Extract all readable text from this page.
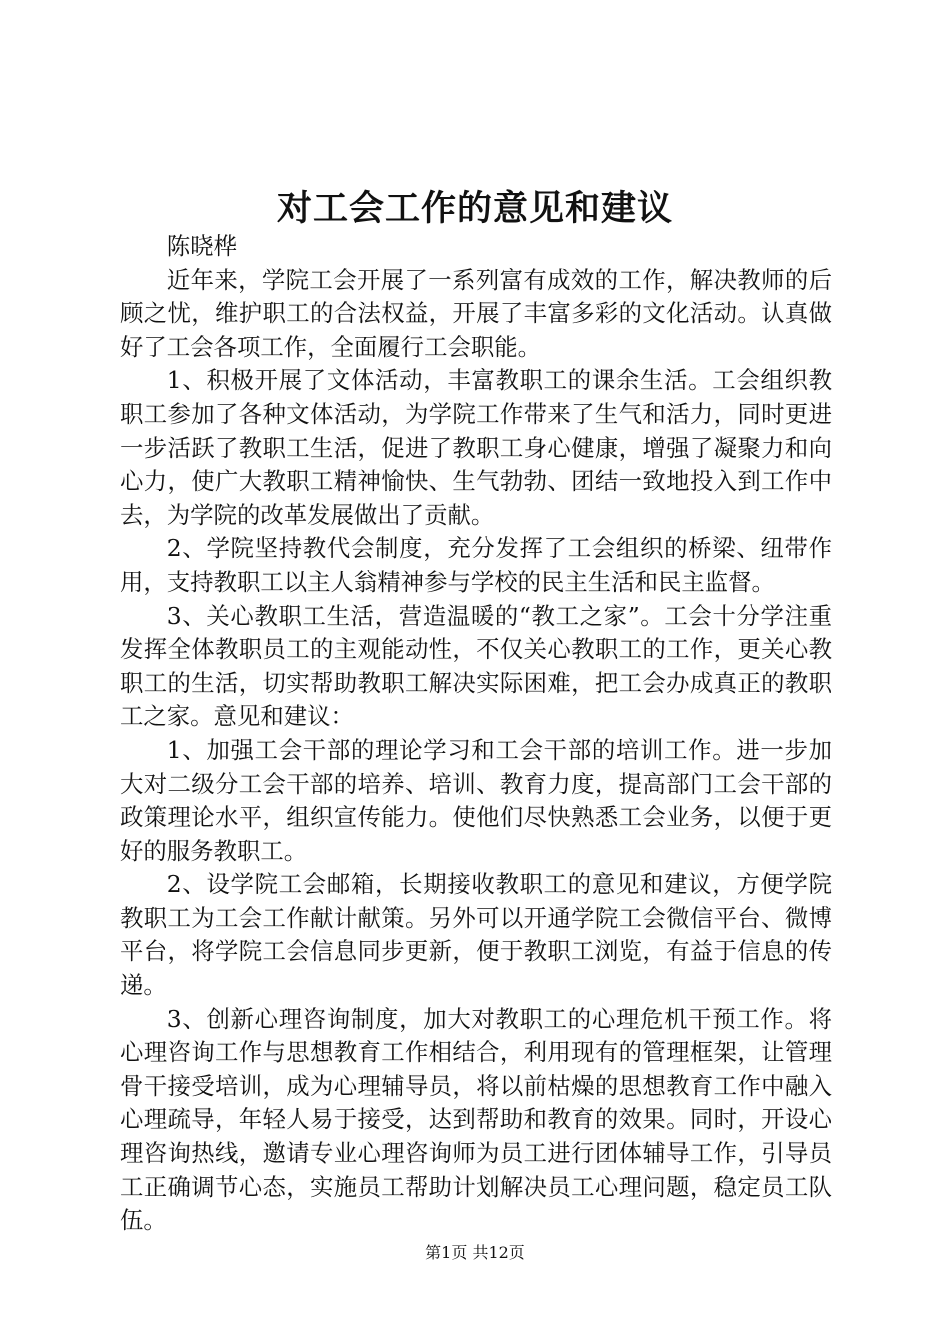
对工会工作的意见和建议

陈晓桦

近年来，学院工会开展了一系列富有成效的工作，解决教师的后顾之忧，维护职工的合法权益，开展了丰富多彩的文化活动。认真做好了工会各项工作，全面履行工会职能。

1、积极开展了文体活动，丰富教职工的课余生活。工会组织教职工参加了各种文体活动，为学院工作带来了生气和活力，同时更进一步活跃了教职工生活，促进了教职工身心健康，增强了凝聚力和向心力，使广大教职工精神愉快、生气勃勃、团结一致地投入到工作中去，为学院的改革发展做出了贡献。

2、学院坚持教代会制度，充分发挥了工会组织的桥梁、纽带作用，支持教职工以主人翁精神参与学校的民主生活和民主监督。

3、关心教职工生活，营造温暖的“教工之家”。工会十分学注重发挥全体教职员工的主观能动性，不仅关心教职工的工作，更关心教职工的生活，切实帮助教职工解决实际困难，把工会办成真正的教职工之家。意见和建议：

1、加强工会干部的理论学习和工会干部的培训工作。进一步加大对二级分工会干部的培养、培训、教育力度，提高部门工会干部的政策理论水平，组织宣传能力。使他们尽快熟悉工会业务，以便于更好的服务教职工。

2、设学院工会邮箱，长期接收教职工的意见和建议，方便学院教职工为工会工作献计献策。另外可以开通学院工会微信平台、微博平台，将学院工会信息同步更新，便于教职工浏览，有益于信息的传递。

3、创新心理咨询制度，加大对教职工的心理危机干预工作。将心理咨询工作与思想教育工作相结合，利用现有的管理框架，让管理骨干接受培训，成为心理辅导员，将以前枯燥的思想教育工作中融入心理疏导，年轻人易于接受，达到帮助和教育的效果。同时，开设心理咨询热线，邀请专业心理咨询师为员工进行团体辅导工作，引导员工正确调节心态，实施员工帮助计划解决员工心理问题，稳定员工队伍。

第1页 共12页
